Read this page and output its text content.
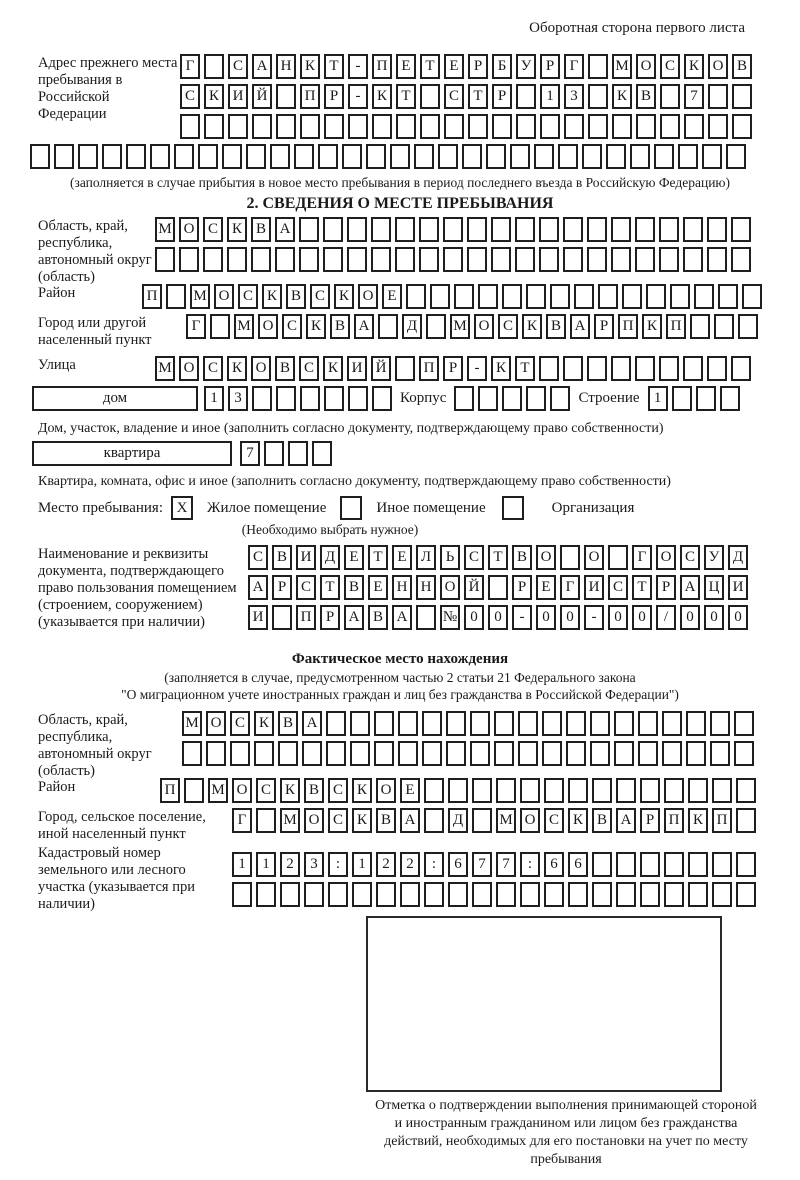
Оборотная сторона первого листа
Адрес прежнего места пребывания в Российской Федерации
Г	С А Н К Т	-	П Е Т Е	Р	Б У Р	Г	М О С К О В
С К И Й	П Р	-	К Т	С Т	Р	1	3	К В	7
(заполняется в случае прибытия в новое место пребывания в период последнего въезда в Российскую Федерацию)
2. СВЕДЕНИЯ О МЕСТЕ ПРЕБЫВАНИЯ
Область, край, республика, автономный округ (область)
М О С К В А
Район	П	М О С К В С К О Е
Город или другой населенный пункт
Г	М О С К В А	Д	М О С К В А Р П К П
Улица	М О С К О В С К И Й	П Р	-	К Т
дом	1	3	Корпус	Строение 1
Дом, участок, владение и иное (заполнить согласно документу, подтверждающему право собственности)
квартира	7
Квартира, комната, офис и иное (заполнить согласно документу, подтверждающему право собственности)
Место пребывания: X	Жилое помещение	Иное помещение	Организация
(Необходимо выбрать нужное)
Наименование и реквизиты документа, подтверждающего право пользования помещением (строением, сооружением) (указывается при наличии)
С В И Д Е Т Е Л Ь С Т В О	О	Г О С У Д
А Р С Т В Е Н Н О Й	Р	Е	Г И С Т	Р А Ц И
И	П Р А В А	№ 0	0	-	0	0	-	0	0	/	0	0	0
Фактическое место нахождения
(заполняется в случае, предусмотренном частью 2 статьи 21 Федерального закона
"О миграционном учете иностранных граждан и лиц без гражданства в Российской Федерации")
Область, край, республика, автономный округ (область)
М О С К В А
Район	П	М О С К В С К О Е
Город, сельское поселение, иной населенный пункт
Г	М О С К В А	Д	М О С К В А Р П К П
Кадастровый номер земельного или лесного участка (указывается при наличии)
1	1	2	3	:	1	2	2	:	6	7	7	:	6	6
Отметка о подтверждении выполнения принимающей стороной и иностранным гражданином или лицом без гражданства действий, необходимых для его постановки на учет по месту пребывания
